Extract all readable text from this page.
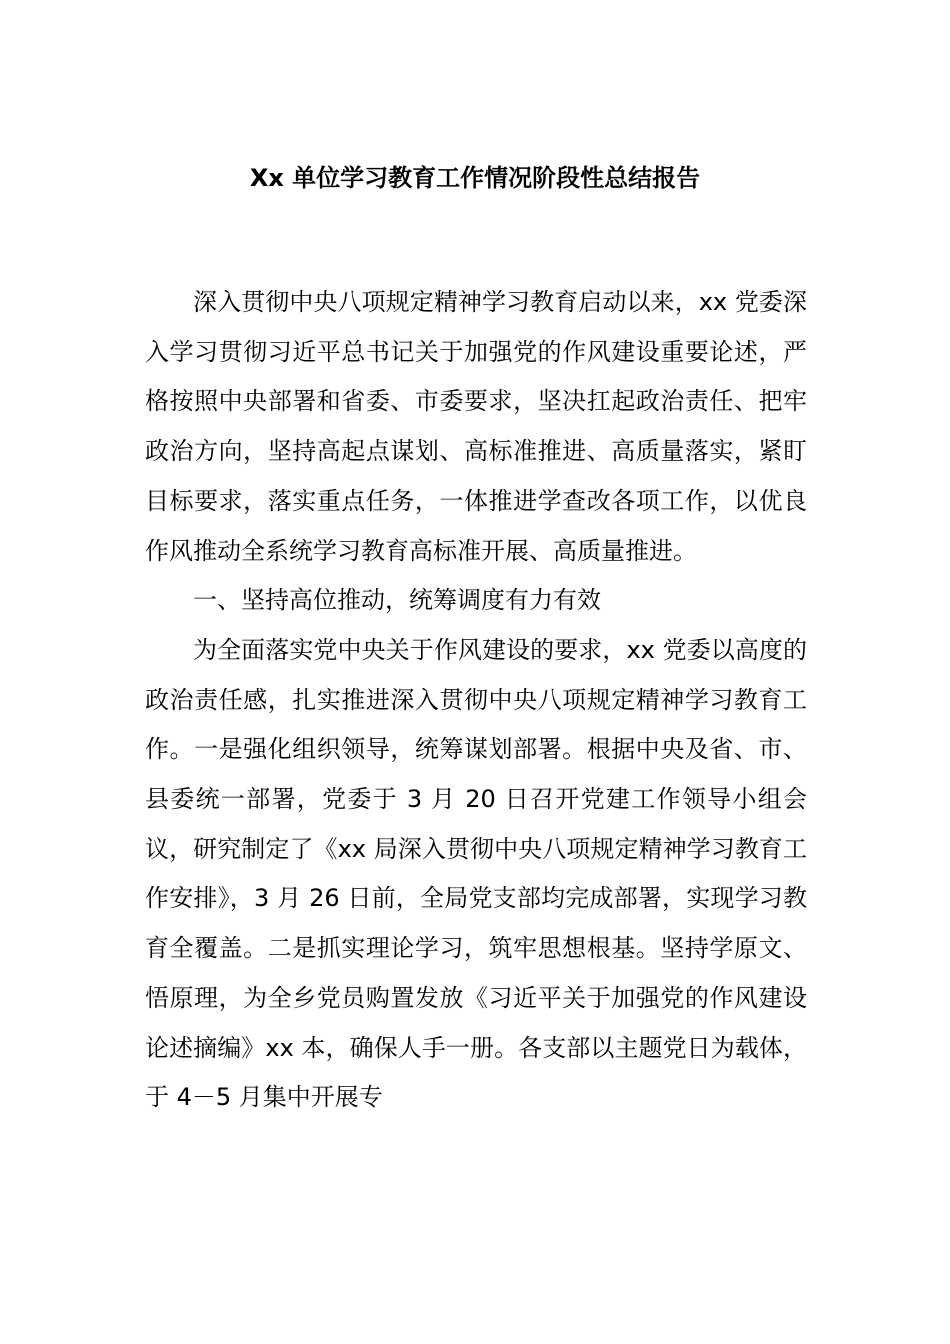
Xx 单位学习教育工作情况阶段性总结报告

深入贯彻中央八项规定精神学习教育启动以来，xx 党委深入学习贯彻习近平总书记关于加强党的作风建设重要论述，严格按照中央部署和省委、市委要求，坚决扛起政治责任、把牢政治方向，坚持高起点谋划、高标准推进、高质量落实，紧盯目标要求，落实重点任务，一体推进学查改各项工作，以优良作风推动全系统学习教育高标准开展、高质量推进。

一、坚持高位推动，统筹调度有力有效

为全面落实党中央关于作风建设的要求，xx 党委以高度的政治责任感，扎实推进深入贯彻中央八项规定精神学习教育工作。一是强化组织领导，统筹谋划部署。根据中央及省、市、县委统一部署，党委于 3 月 20 日召开党建工作领导小组会议，研究制定了《xx 局深入贯彻中央八项规定精神学习教育工作安排》，3 月 26 日前，全局党支部均完成部署，实现学习教育全覆盖。二是抓实理论学习，筑牢思想根基。坚持学原文、悟原理，为全乡党员购置发放《习近平关于加强党的作风建设论述摘编》xx 本，确保人手一册。各支部以主题党日为载体，于 4－5 月集中开展专
